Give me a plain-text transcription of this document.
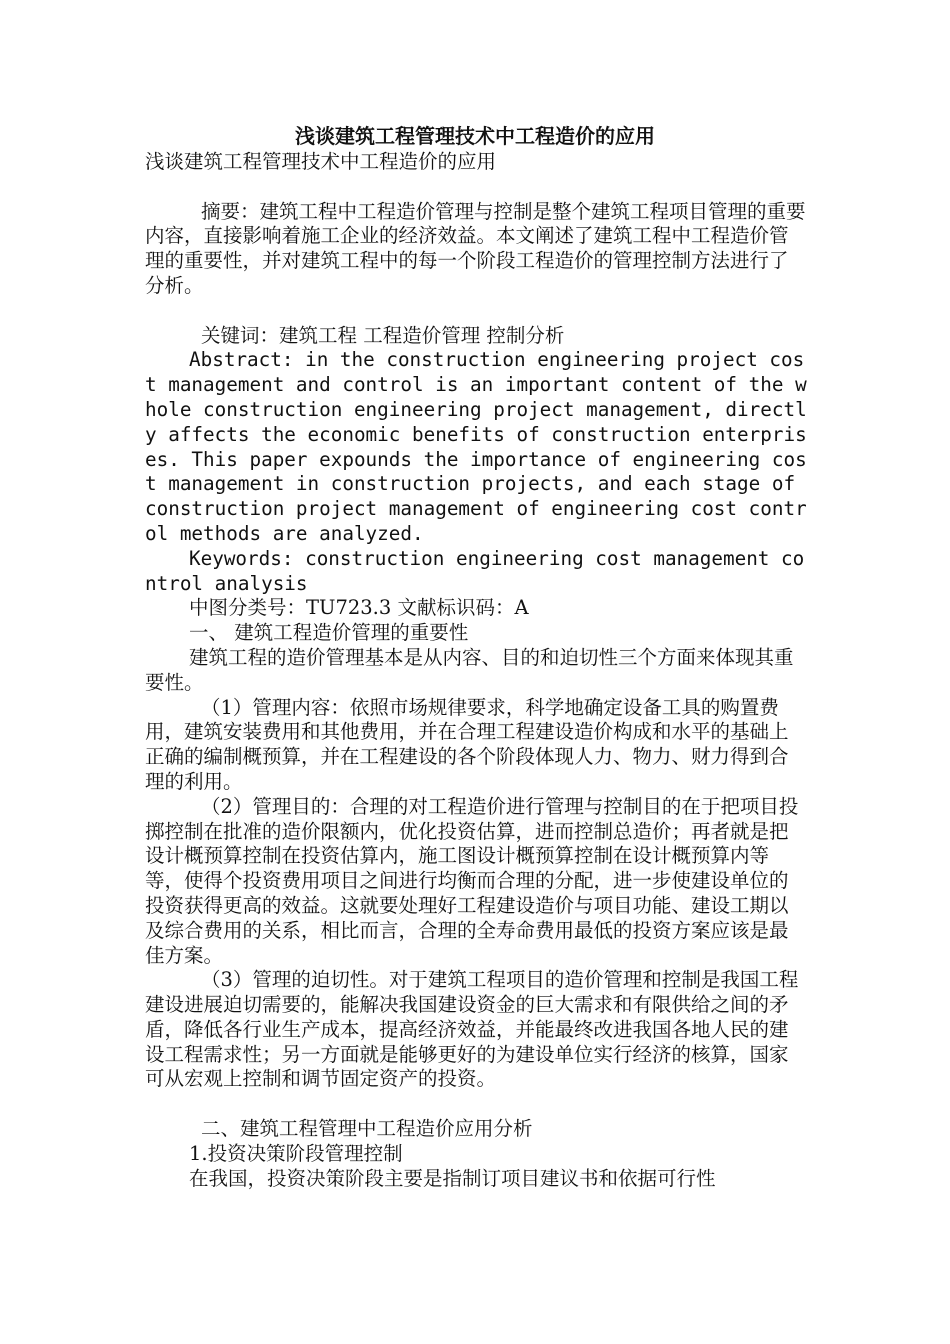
浅谈建筑工程管理技术中工程造价的应用

浅谈建筑工程管理技术中工程造价的应用

摘要：建筑工程中工程造价管理与控制是整个建筑工程项目管理的重要内容，直接影响着施工企业的经济效益。本文阐述了建筑工程中工程造价管理的重要性，并对建筑工程中的每一个阶段工程造价的管理控制方法进行了分析。

关键词：建筑工程 工程造价管理 控制分析

Abstract: in the construction engineering project cost management and control is an important content of the whole construction engineering project management, directly affects the economic benefits of construction enterprises. This paper expounds the importance of engineering cost management in construction projects, and each stage of construction project management of engineering cost control methods are analyzed.

Keywords: construction engineering cost management control analysis

中图分类号：TU723.3 文献标识码：A

一、 建筑工程造价管理的重要性

建筑工程的造价管理基本是从内容、目的和迫切性三个方面来体现其重要性。

（1）管理内容：依照市场规律要求，科学地确定设备工具的购置费用，建筑安装费用和其他费用，并在合理工程建设造价构成和水平的基础上正确的编制概预算，并在工程建设的各个阶段体现人力、物力、财力得到合理的利用。

（2）管理目的：合理的对工程造价进行管理与控制目的在于把项目投掷控制在批准的造价限额内，优化投资估算，进而控制总造价；再者就是把设计概预算控制在投资估算内，施工图设计概预算控制在设计概预算内等等，使得个投资费用项目之间进行均衡而合理的分配，进一步使建设单位的投资获得更高的效益。这就要处理好工程建设造价与项目功能、建设工期以及综合费用的关系，相比而言，合理的全寿命费用最低的投资方案应该是最佳方案。

（3）管理的迫切性。对于建筑工程项目的造价管理和控制是我国工程建设进展迫切需要的，能解决我国建设资金的巨大需求和有限供给之间的矛盾，降低各行业生产成本，提高经济效益，并能最终改进我国各地人民的建设工程需求性；另一方面就是能够更好的为建设单位实行经济的核算，国家可从宏观上控制和调节固定资产的投资。

二、建筑工程管理中工程造价应用分析

1.投资决策阶段管理控制

在我国，投资决策阶段主要是指制订项目建议书和依据可行性
